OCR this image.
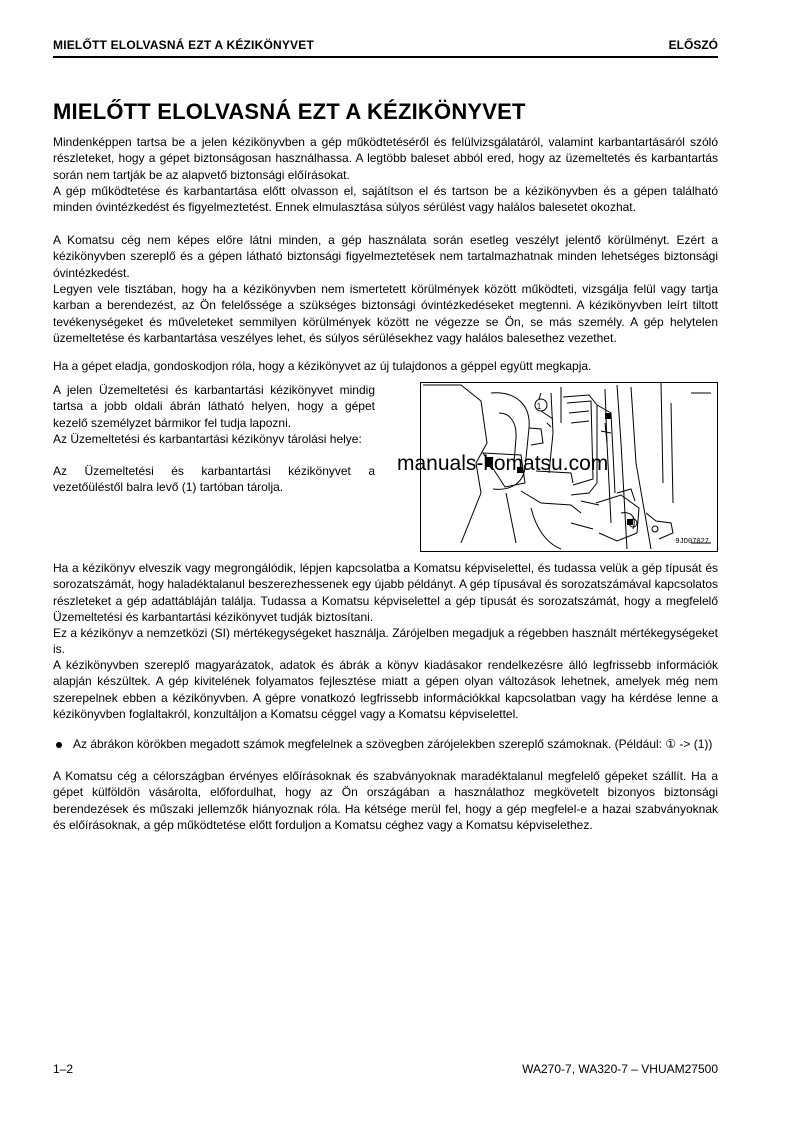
MIELŐTT ELOLVASNÁ EZT A KÉZIKÖNYVET	ELŐSZÓ
MIELŐTT ELOLVASNÁ EZT A KÉZIKÖNYVET

Mindenképpen tartsa be a jelen kézikönyvben a gép működtetéséről és felülvizsgálatáról, valamint karbantartásáról szóló részleteket, hogy a gépet biztonságosan használhassa. A legtöbb baleset abból ered, hogy az üzemeltetés és karbantartás során nem tartják be az alapvető biztonsági előírásokat.

A gép működtetése és karbantartása előtt olvasson el, sajátítson el és tartson be a kézikönyvben és a gépen található minden óvintézkedést és figyelmeztetést. Ennek elmulasztása súlyos sérülést vagy halálos balesetet okozhat.

A Komatsu cég nem képes előre látni minden, a gép használata során esetleg veszélyt jelentő körülményt. Ezért a kézikönyvben szereplő és a gépen látható biztonsági figyelmeztetések nem tartalmazhatnak minden lehetséges biztonsági óvintézkedést.

Legyen vele tisztában, hogy ha a kézikönyvben nem ismertetett körülmények között működteti, vizsgálja felül vagy tartja karban a berendezést, az Ön felelőssége a szükséges biztonsági óvintézkedéseket megtenni. A kézikönyvben leírt tiltott tevékenységeket és műveleteket semmilyen körülmények között ne végezze se Ön, se más személy. A gép helytelen üzemeltetése és karbantartása veszélyes lehet, és súlyos sérülésekhez vagy halálos balesethez vezethet.

Ha a gépet eladja, gondoskodjon róla, hogy a kézikönyvet az új tulajdonos a géppel együtt megkapja.

A jelen Üzemeltetési és karbantartási kézikönyvet mindig tartsa a jobb oldali ábrán látható helyen, hogy a gépet kezelő személyzet bármikor fel tudja lapozni.

Az Üzemeltetési és karbantartási kézikönyv tárolási helye:

Az Üzemeltetési és karbantartási kézikönyvet a vezetőüléstől balra levő (1) tartóban tárolja.

1
9JD07027
manuals-komatsu.com

Ha a kézikönyv elveszik vagy megrongálódik, lépjen kapcsolatba a Komatsu képviselettel, és tudassa velük a gép típusát és sorozatszámát, hogy haladéktalanul beszerezhessenek egy újabb példányt. A gép típusával és sorozatszámával kapcsolatos részleteket a gép adattábláján találja. Tudassa a Komatsu képviselettel a gép típusát és sorozatszámát, hogy a megfelelő Üzemeltetési és karbantartási kézikönyvet tudják biztosítani.

Ez a kézikönyv a nemzetközi (SI) mértékegységeket használja. Zárójelben megadjuk a régebben használt mértékegységeket is.

A kézikönyvben szereplő magyarázatok, adatok és ábrák a könyv kiadásakor rendelkezésre álló legfrissebb információk alapján készültek. A gép kivitelének folyamatos fejlesztése miatt a gépen olyan változások lehetnek, amelyek még nem szerepelnek ebben a kézikönyvben. A gépre vonatkozó legfrissebb információkkal kapcsolatban vagy ha kérdése lenne a kézikönyvben foglaltakról, konzultáljon a Komatsu céggel vagy a Komatsu képviselettel.

Az ábrákon körökben megadott számok megfelelnek a szövegben zárójelekben szereplő számoknak. (Például: ① -> (1))

A Komatsu cég a célországban érvényes előírásoknak és szabványoknak maradéktalanul megfelelő gépeket szállít. Ha a gépet külföldön vásárolta, előfordulhat, hogy az Ön országában a használathoz megkövetelt bizonyos biztonsági berendezések és műszaki jellemzők hiányoznak róla. Ha kétsége merül fel, hogy a gép megfelel-e a hazai szabványoknak és előírásoknak, a gép működtetése előtt forduljon a Komatsu céghez vagy a Komatsu képviselethez.

1–2	WA270-7, WA320-7 – VHUAM27500
